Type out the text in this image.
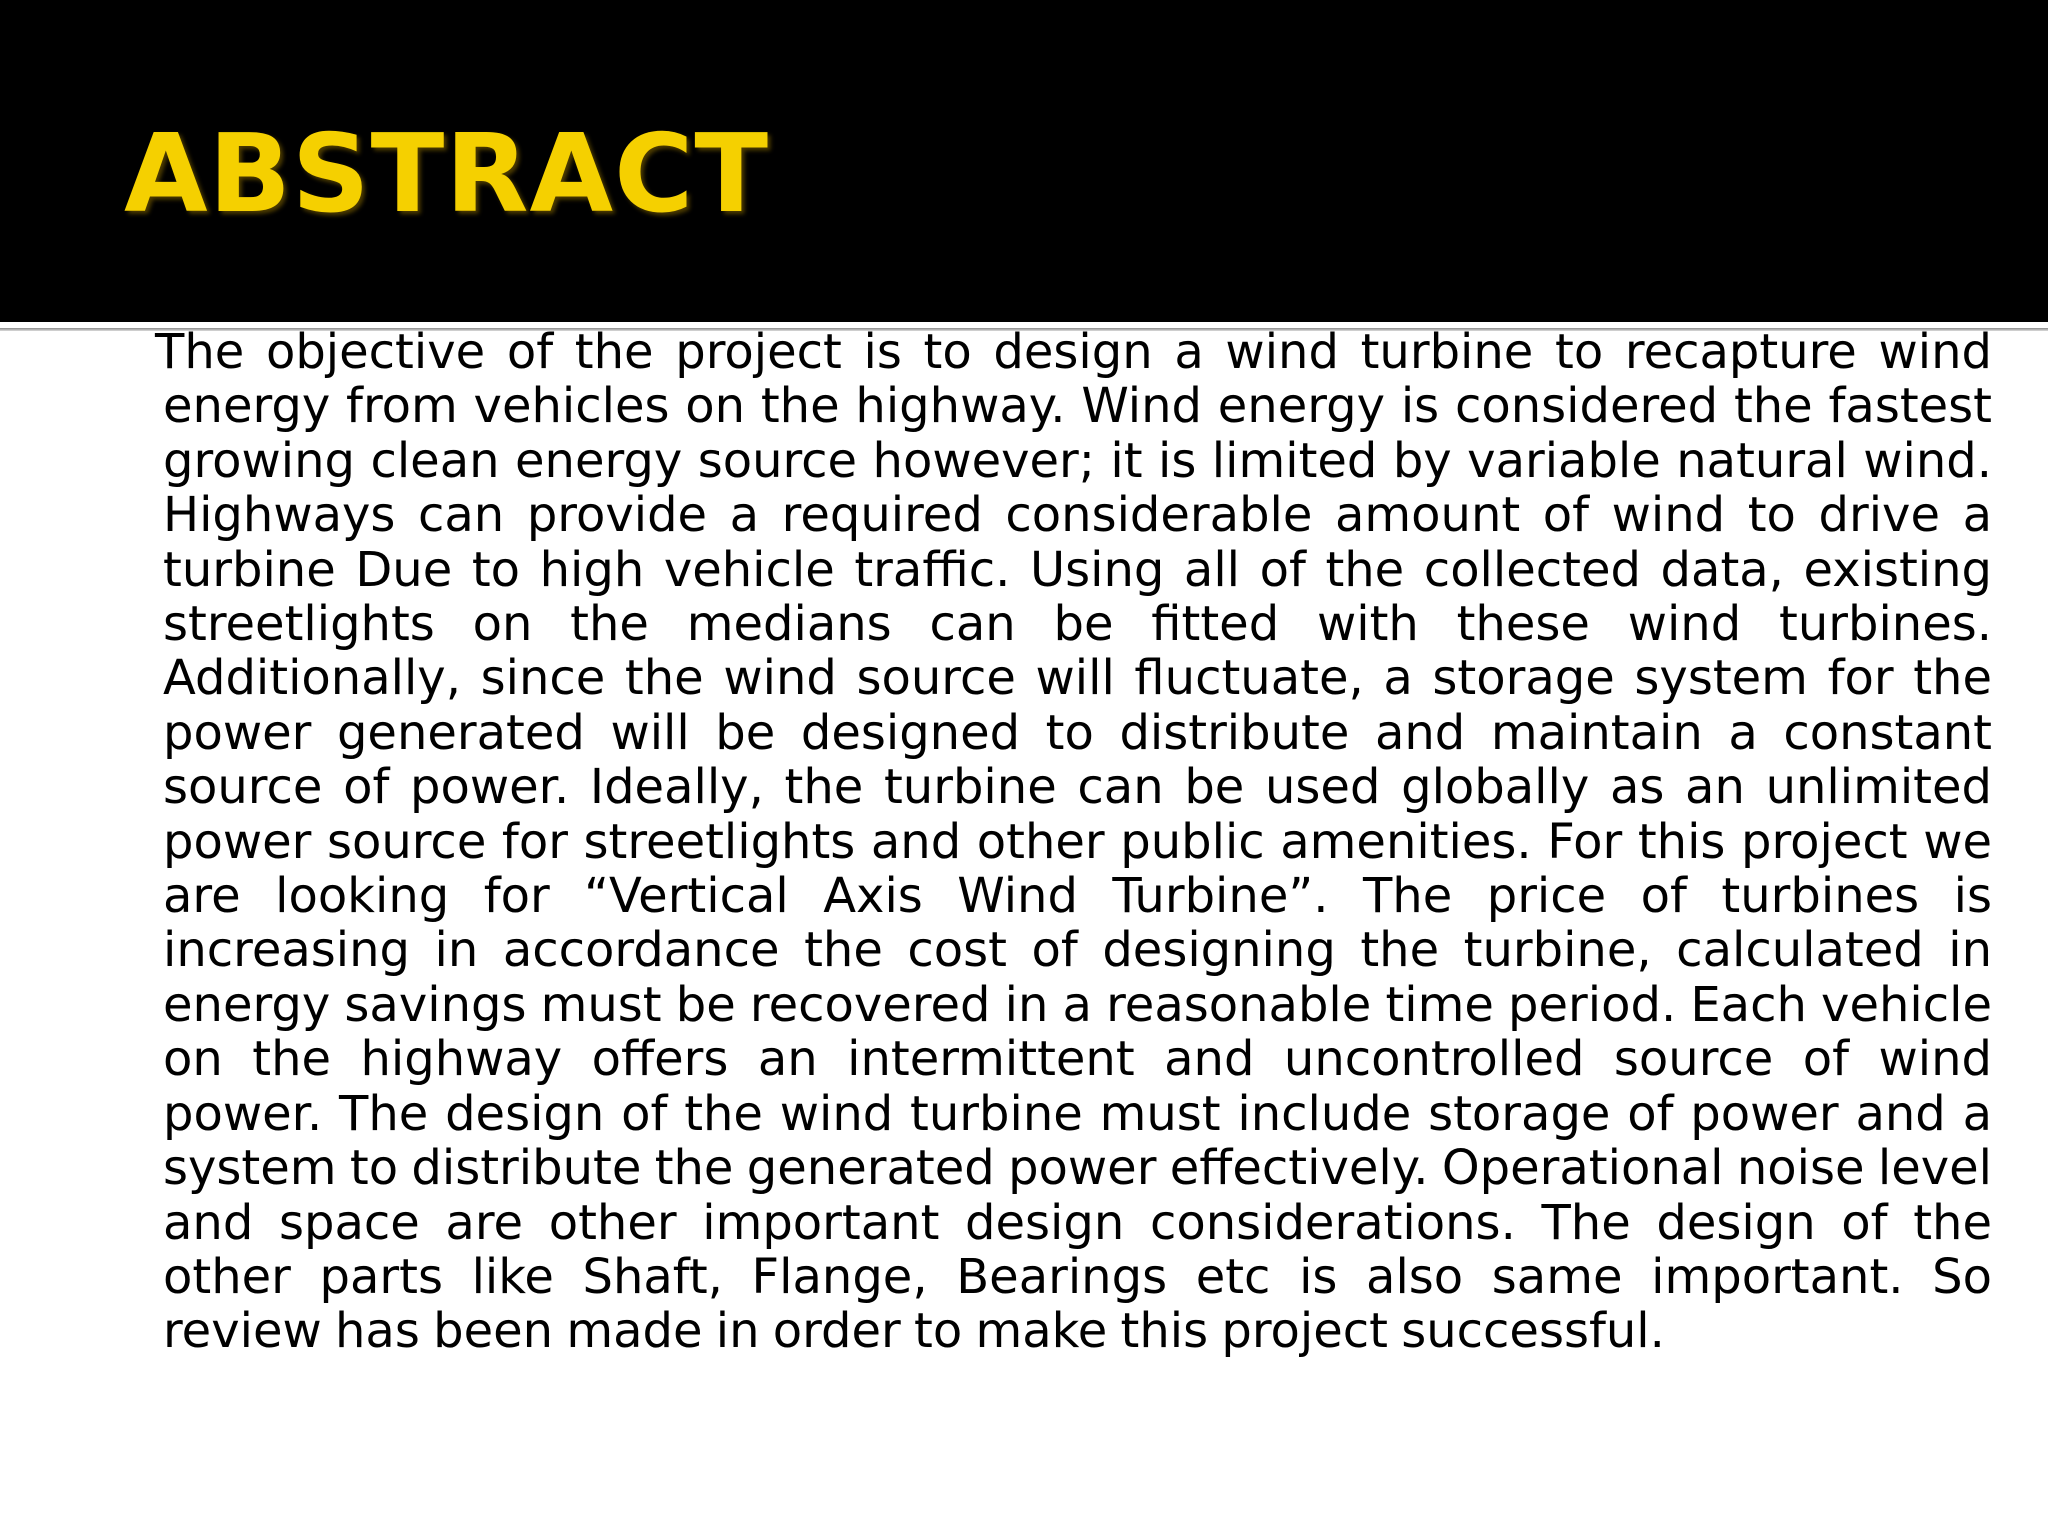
ABSTRACT

The objective of the project is to design a wind turbine to recapture wind energy from vehicles on the highway. Wind energy is considered the fastest growing clean energy source however; it is limited by variable natural wind. Highways can provide a required considerable amount of wind to drive a turbine Due to high vehicle traffic. Using all of the collected data, existing streetlights on the medians can be fitted with these wind turbines. Additionally, since the wind source will fluctuate, a storage system for the power generated will be designed to distribute and maintain a constant source of power. Ideally, the turbine can be used globally as an unlimited power source for streetlights and other public amenities. For this project we are looking for “Vertical Axis Wind Turbine”. The price of turbines is increasing in accordance the cost of designing the turbine, calculated in energy savings must be recovered in a reasonable time period. Each vehicle on the highway offers an intermittent and uncontrolled source of wind power. The design of the wind turbine must include storage of power and a system to distribute the generated power effectively. Operational noise level and space are other important design considerations. The design of the other parts like Shaft, Flange, Bearings etc is also same important. So review has been made in order to make this project successful.
